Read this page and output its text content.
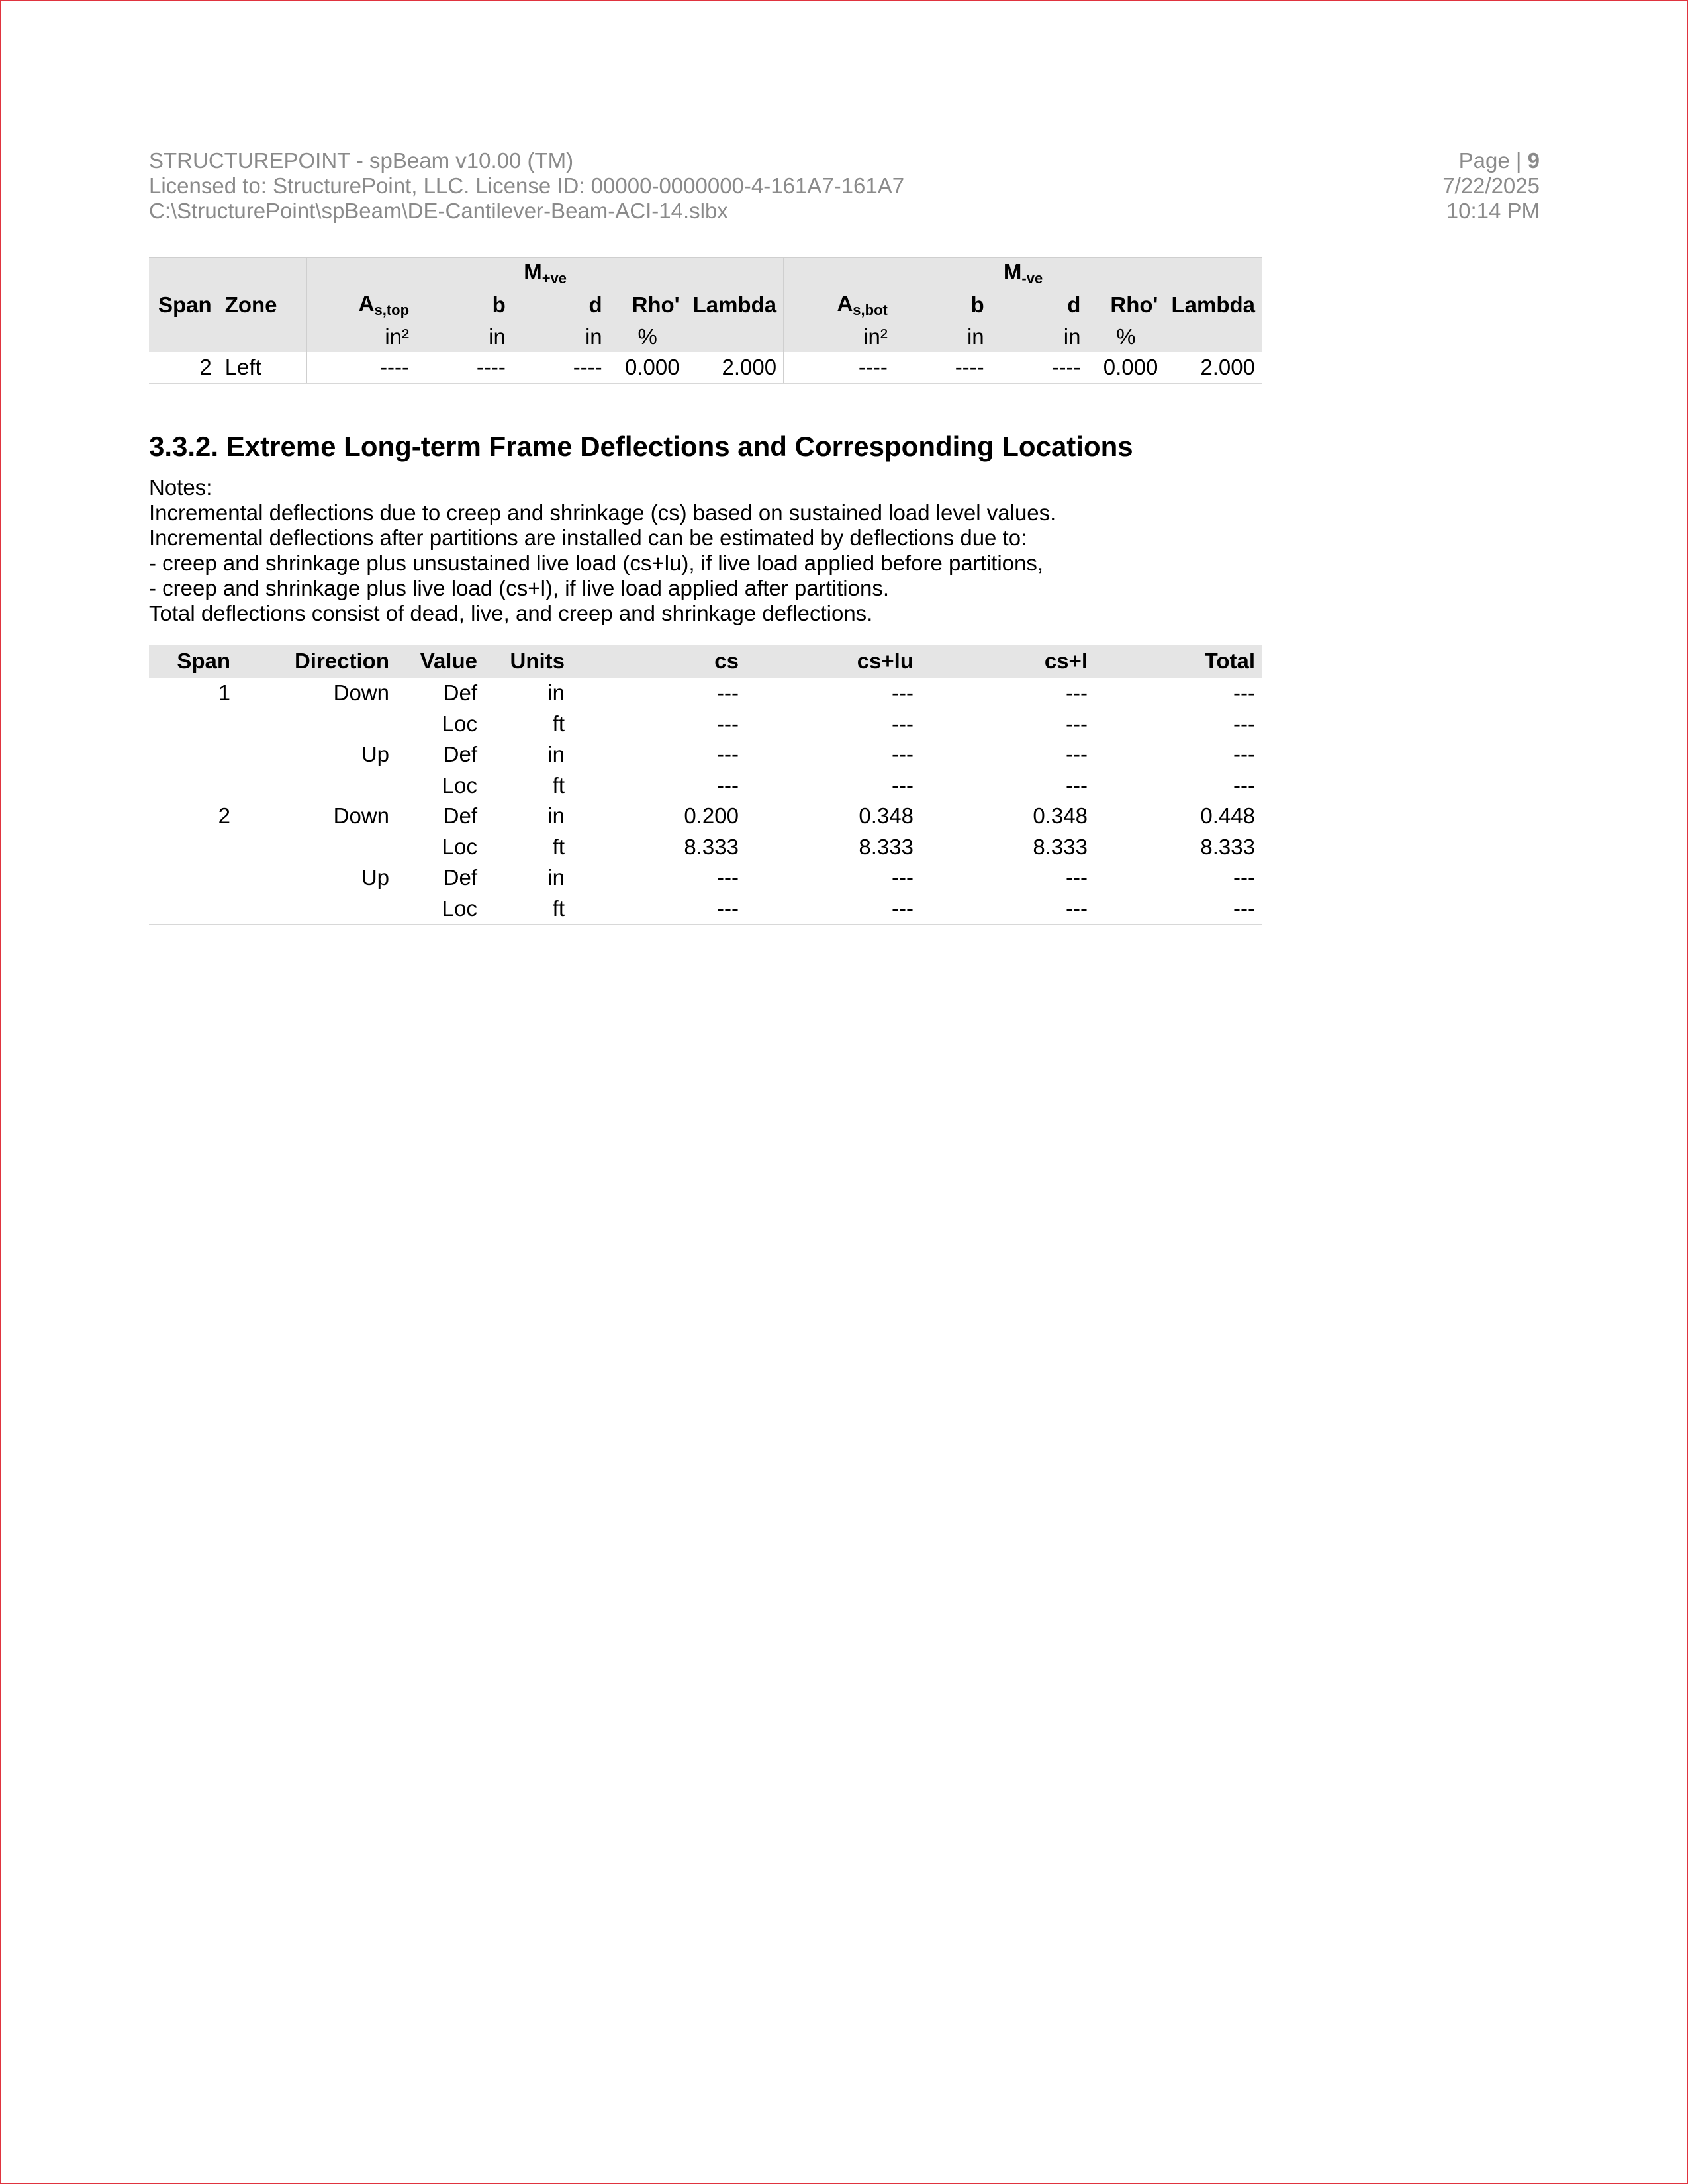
STRUCTUREPOINT - spBeam v10.00 (TM)
Licensed to: StructurePoint, LLC. License ID: 00000-0000000-4-161A7-161A7
C:\StructurePoint\spBeam\DE-Cantilever-Beam-ACI-14.slbx
Page | 9
7/22/2025
10:14 PM
		$M_{+ve}$					$M_{-ve}$
Span	Zone	$A_{s,top}$	b	d	Rho'	Lambda	$A_{s,bot}$	b	d	Rho'	Lambda
		in²	in	in	%		in²	in	in	%	
2	Left	----	----	----	0.000	2.000	----	----	----	0.000	2.000
3.3.2. Extreme Long-term Frame Deflections and Corresponding Locations
Notes:
Incremental deflections due to creep and shrinkage (cs) based on sustained load level values.
Incremental deflections after partitions are installed can be estimated by deflections due to:
- creep and shrinkage plus unsustained live load (cs+lu), if live load applied before partitions,
- creep and shrinkage plus live load (cs+l), if live load applied after partitions.
Total deflections consist of dead, live, and creep and shrinkage deflections.
Span	Direction	Value	Units	cs	cs+lu	cs+l	Total
1	Down	Def	in	---	---	---	---
		Loc	ft	---	---	---	---
	Up	Def	in	---	---	---	---
		Loc	ft	---	---	---	---
2	Down	Def	in	0.200	0.348	0.348	0.448
		Loc	ft	8.333	8.333	8.333	8.333
	Up	Def	in	---	---	---	---
		Loc	ft	---	---	---	---
